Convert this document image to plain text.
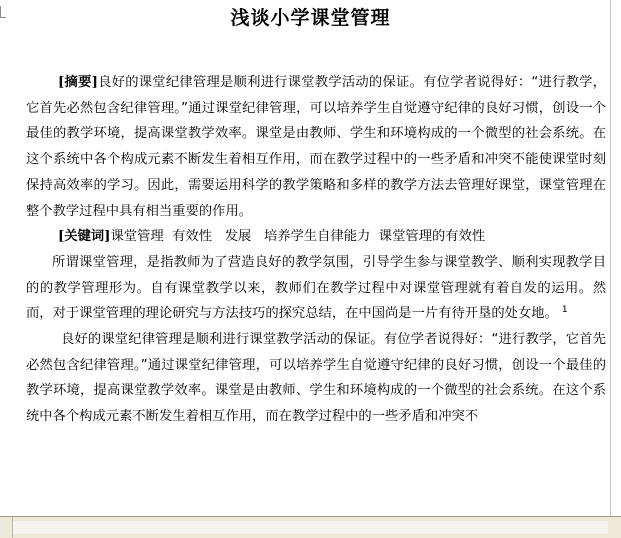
浅谈小学课堂管理

[摘要]良好的课堂纪律管理是顺利进行课堂教学活动的保证。有位学者说得好：“进行教学，它首先必然包含纪律管理。”通过课堂纪律管理，可以培养学生自觉遵守纪律的良好习惯，创设一个最佳的教学环境，提高课堂教学效率。课堂是由教师、学生和环境构成的一个微型的社会系统。在这个系统中各个构成元素不断发生着相互作用，而在教学过程中的一些矛盾和冲突不能使课堂时刻保持高效率的学习。因此，需要运用科学的教学策略和多样的教学方法去管理好课堂，课堂管理在整个教学过程中具有相当重要的作用。

[关键词]课堂管理  有效性   发展   培养学生自律能力  课堂管理的有效性

所谓课堂管理，是指教师为了营造良好的教学氛围，引导学生参与课堂教学、顺利实现教学目的的教学管理形为。自有课堂教学以来，教师们在教学过程中对课堂管理就有着自发的运用。然而，对于课堂管理的理论研究与方法技巧的探究总结，在中国尚是一片有待开垦的处女地。 $^1$

良好的课堂纪律管理是顺利进行课堂教学活动的保证。有位学者说得好：“进行教学，它首先必然包含纪律管理。”通过课堂纪律管理，可以培养学生自觉遵守纪律的良好习惯，创设一个最佳的教学环境，提高课堂教学效率。课堂是由教师、学生和环境构成的一个微型的社会系统。在这个系统中各个构成元素不断发生着相互作用，而在教学过程中的一些矛盾和冲突不
